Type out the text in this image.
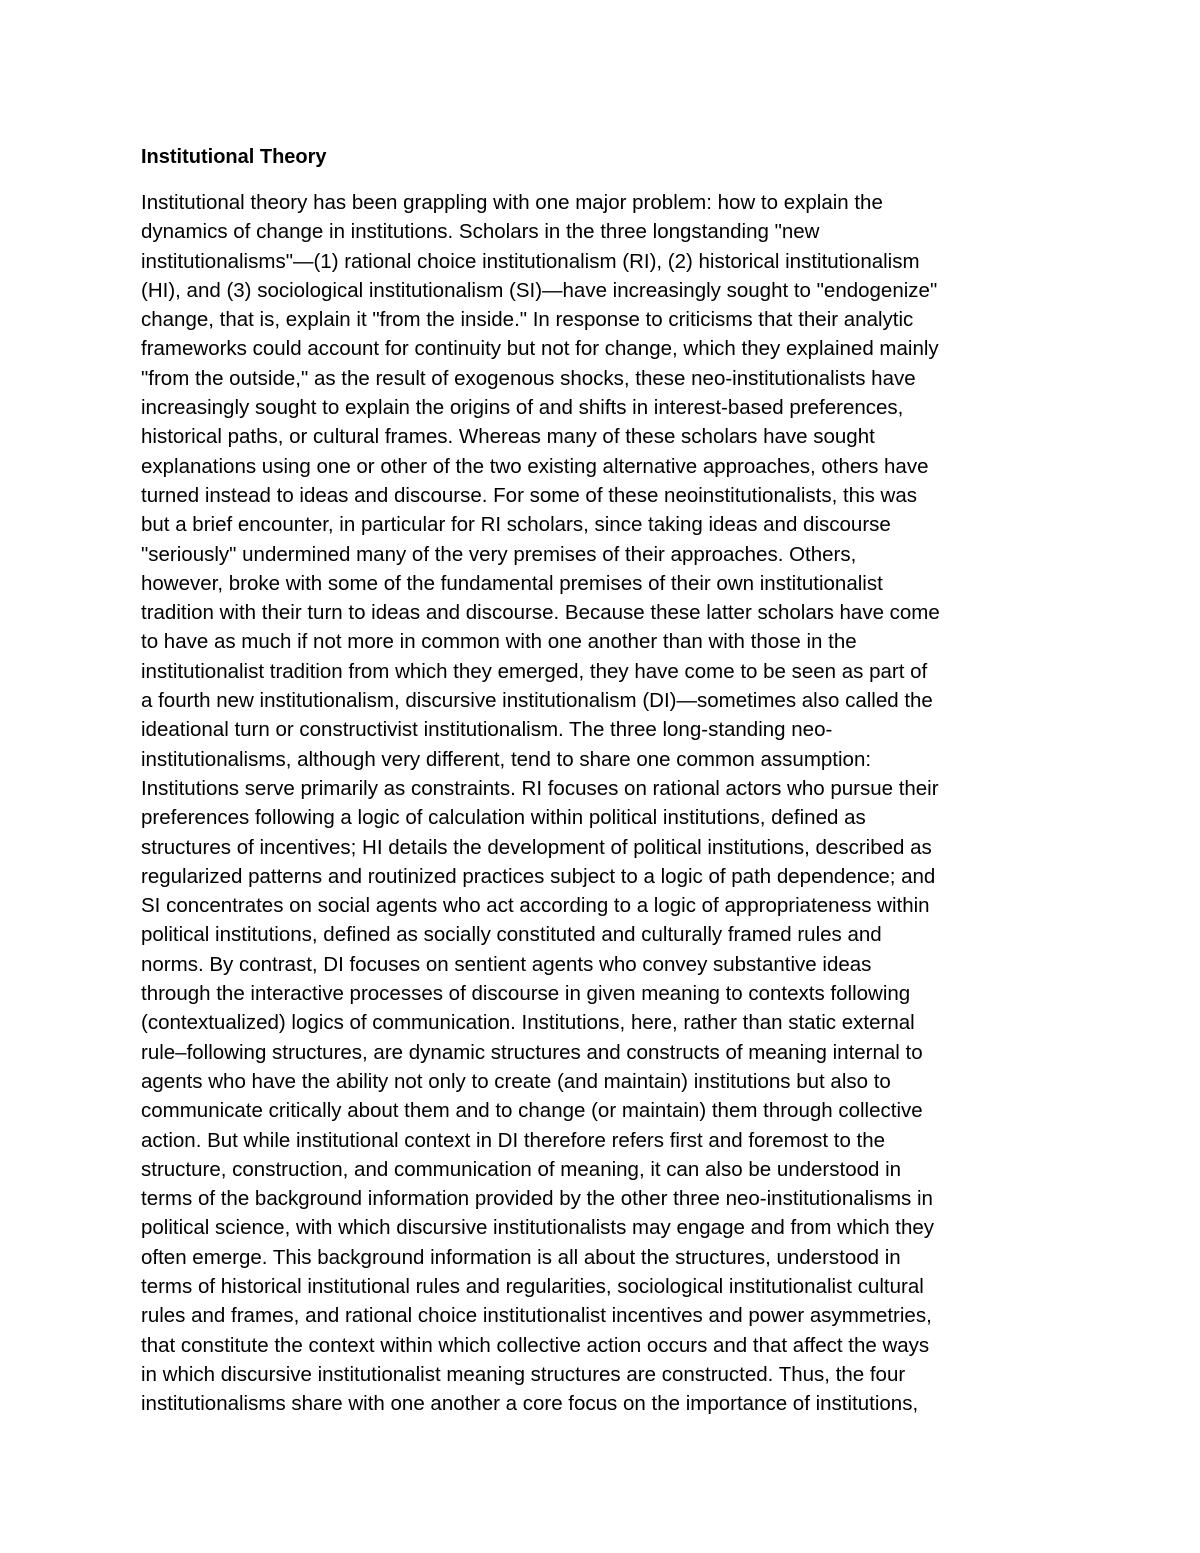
Institutional Theory
Institutional theory has been grappling with one major problem: how to explain the
dynamics of change in institutions. Scholars in the three longstanding "new
institutionalisms"—(1) rational choice institutionalism (RI), (2) historical institutionalism
(HI), and (3) sociological institutionalism (SI)—have increasingly sought to "endogenize"
change, that is, explain it "from the inside." In response to criticisms that their analytic
frameworks could account for continuity but not for change, which they explained mainly
"from the outside," as the result of exogenous shocks, these neo-institutionalists have
increasingly sought to explain the origins of and shifts in interest-based preferences,
historical paths, or cultural frames. Whereas many of these scholars have sought
explanations using one or other of the two existing alternative approaches, others have
turned instead to ideas and discourse. For some of these neoinstitutionalists, this was
but a brief encounter, in particular for RI scholars, since taking ideas and discourse
"seriously" undermined many of the very premises of their approaches. Others,
however, broke with some of the fundamental premises of their own institutionalist
tradition with their turn to ideas and discourse. Because these latter scholars have come
to have as much if not more in common with one another than with those in the
institutionalist tradition from which they emerged, they have come to be seen as part of
a fourth new institutionalism, discursive institutionalism (DI)—sometimes also called the
ideational turn or constructivist institutionalism. The three long-standing neo-
institutionalisms, although very different, tend to share one common assumption:
Institutions serve primarily as constraints. RI focuses on rational actors who pursue their
preferences following a logic of calculation within political institutions, defined as
structures of incentives; HI details the development of political institutions, described as
regularized patterns and routinized practices subject to a logic of path dependence; and
SI concentrates on social agents who act according to a logic of appropriateness within
political institutions, defined as socially constituted and culturally framed rules and
norms. By contrast, DI focuses on sentient agents who convey substantive ideas
through the interactive processes of discourse in given meaning to contexts following
(contextualized) logics of communication. Institutions, here, rather than static external
rule–following structures, are dynamic structures and constructs of meaning internal to
agents who have the ability not only to create (and maintain) institutions but also to
communicate critically about them and to change (or maintain) them through collective
action. But while institutional context in DI therefore refers first and foremost to the
structure, construction, and communication of meaning, it can also be understood in
terms of the background information provided by the other three neo-institutionalisms in
political science, with which discursive institutionalists may engage and from which they
often emerge. This background information is all about the structures, understood in
terms of historical institutional rules and regularities, sociological institutionalist cultural
rules and frames, and rational choice institutionalist incentives and power asymmetries,
that constitute the context within which collective action occurs and that affect the ways
in which discursive institutionalist meaning structures are constructed. Thus, the four
institutionalisms share with one another a core focus on the importance of institutions,
